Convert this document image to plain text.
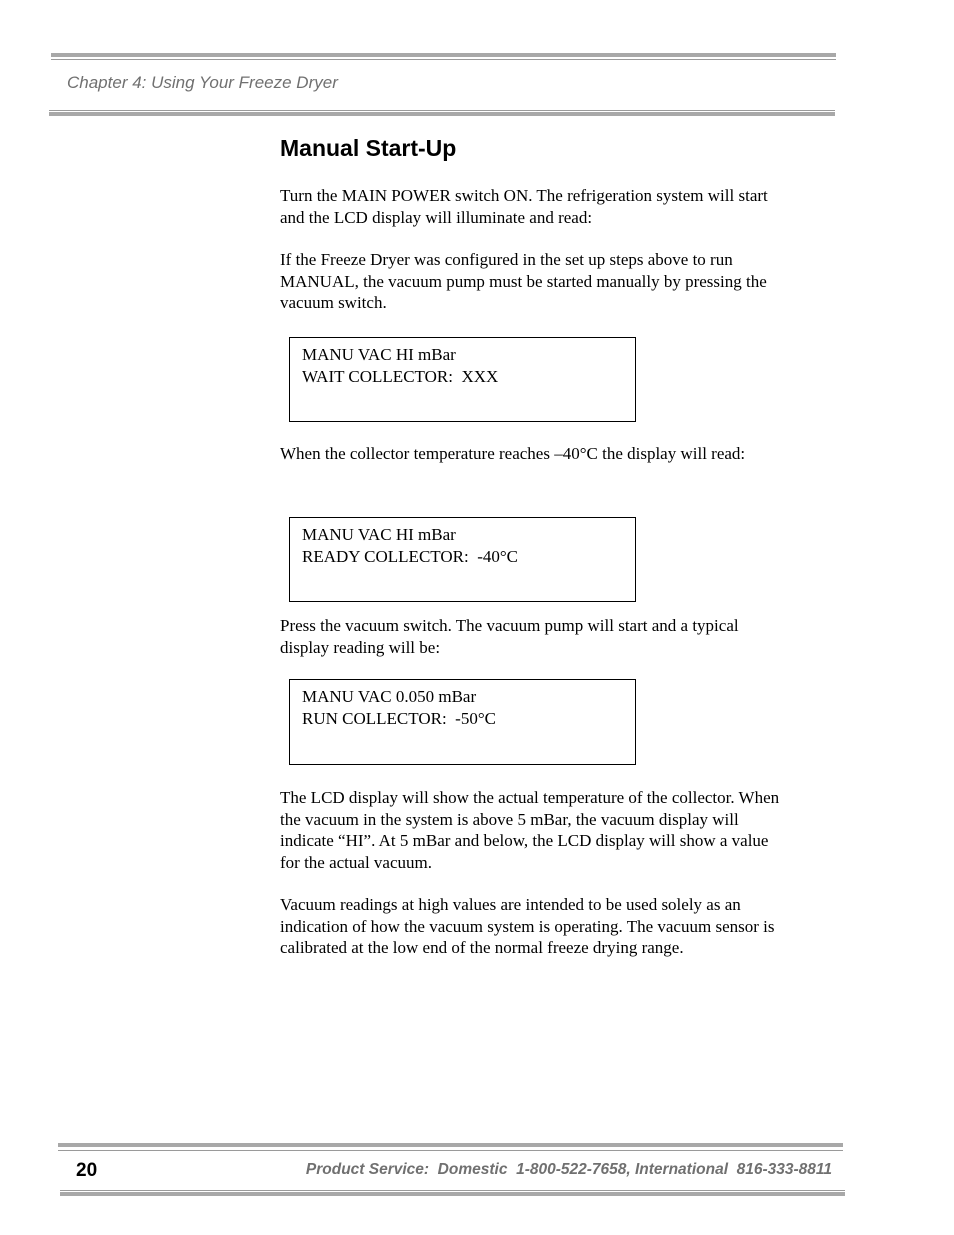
Chapter 4: Using Your Freeze Dryer
Manual Start-Up

Turn the MAIN POWER switch ON. The refrigeration system will start and the LCD display will illuminate and read:

If the Freeze Dryer was configured in the set up steps above to run MANUAL, the vacuum pump must be started manually by pressing the vacuum switch.

MANU VAC HI mBar
WAIT COLLECTOR:  XXX

When the collector temperature reaches –40°C the display will read:

MANU VAC HI mBar
READY COLLECTOR:  -40°C

Press the vacuum switch. The vacuum pump will start and a typical display reading will be:

MANU VAC 0.050 mBar
RUN COLLECTOR:  -50°C

The LCD display will show the actual temperature of the collector. When the vacuum in the system is above 5 mBar, the vacuum display will indicate “HI”. At 5 mBar and below, the LCD display will show a value for the actual vacuum.

Vacuum readings at high values are intended to be used solely as an indication of how the vacuum system is operating. The vacuum sensor is calibrated at the low end of the normal freeze drying range.

20	Product Service:  Domestic  1-800-522-7658, International  816-333-8811
